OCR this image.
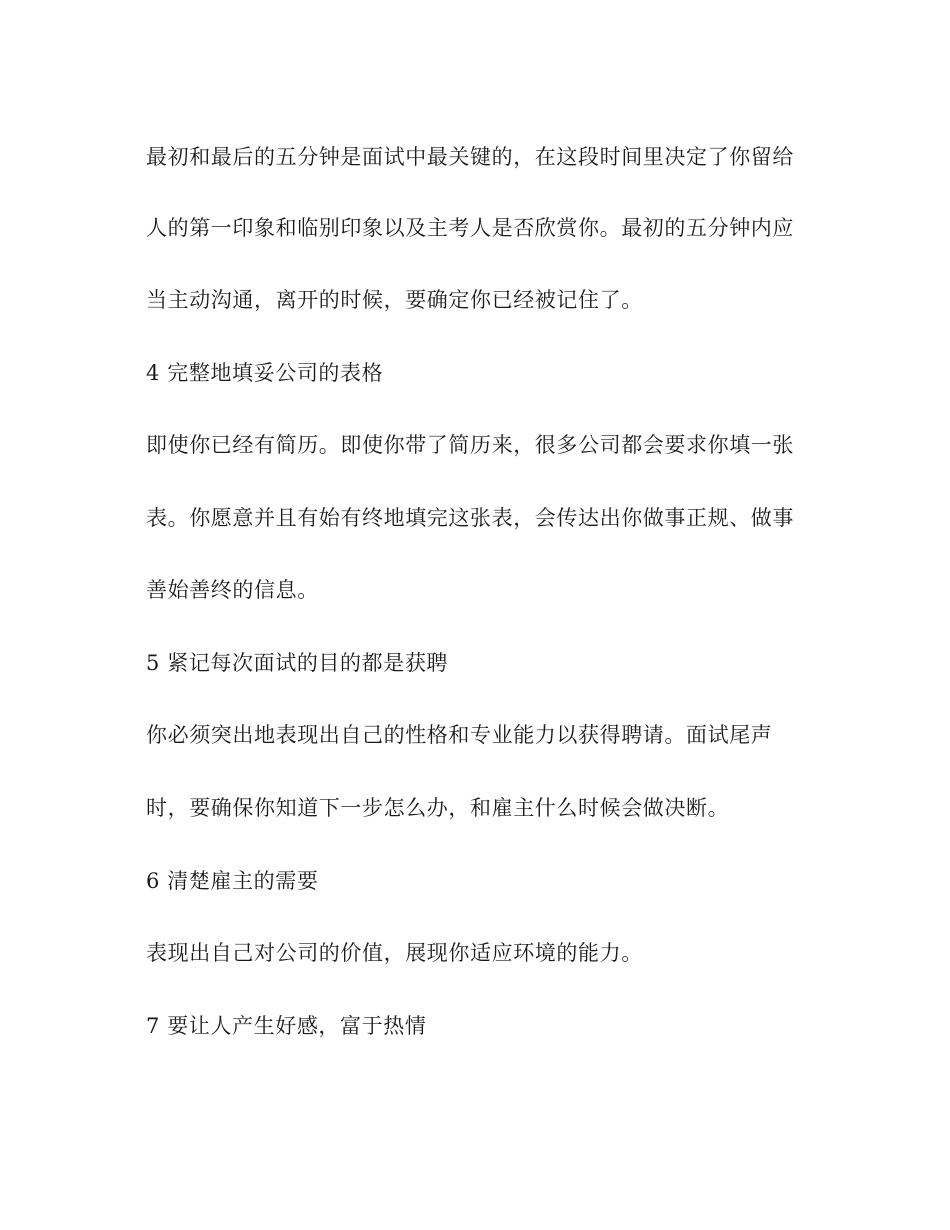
最初和最后的五分钟是面试中最关键的，在这段时间里决定了你留给
人的第一印象和临别印象以及主考人是否欣赏你。最初的五分钟内应
当主动沟通，离开的时候，要确定你已经被记住了。
4 完整地填妥公司的表格
即使你已经有简历。即使你带了简历来，很多公司都会要求你填一张
表。你愿意并且有始有终地填完这张表，会传达出你做事正规、做事
善始善终的信息。
5 紧记每次面试的目的都是获聘
你必须突出地表现出自己的性格和专业能力以获得聘请。面试尾声
时，要确保你知道下一步怎么办，和雇主什么时候会做决断。
6 清楚雇主的需要
表现出自己对公司的价值，展现你适应环境的能力。
7 要让人产生好感，富于热情
